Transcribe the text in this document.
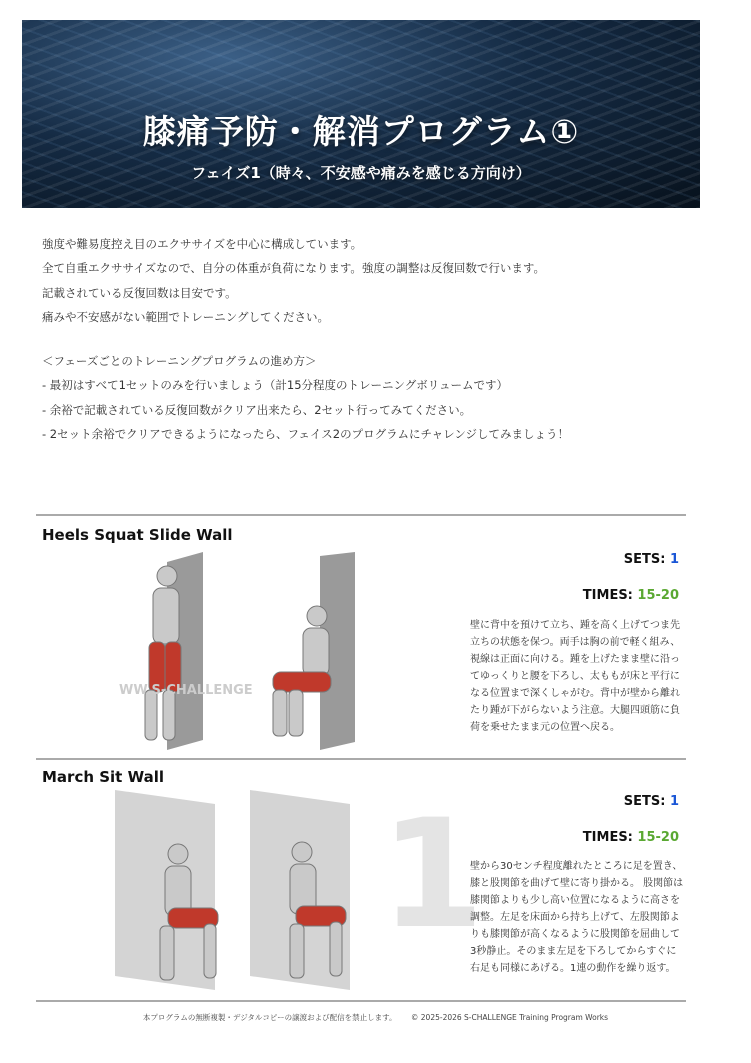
膝痛予防・解消プログラム①
フェイズ1（時々、不安感や痛みを感じる方向け）

強度や難易度控え目のエクササイズを中心に構成しています。

全て自重エクササイズなので、自分の体重が負荷になります。強度の調整は反復回数で行います。

記載されている反復回数は目安です。

痛みや不安感がない範囲でトレーニングしてください。

＜フェーズごとのトレーニングプログラムの進め方＞

- 最初はすべて1セットのみを行いましょう（計15分程度のトレーニングボリュームです）

- 余裕で記載されている反復回数がクリア出来たら、2セット行ってみてください。

- 2セット余裕でクリアできるようになったら、フェイス2のプログラムにチャレンジしてみましょう！

Heels Squat Slide Wall
SETS: 1
TIMES: 15-20
WW.S-CHALLENGE
壁に背中を預けて立ち、踵を高く上げてつま先立ちの状態を保つ。両手は胸の前で軽く組み、視線は正面に向ける。踵を上げたまま壁に沿ってゆっくりと腰を下ろし、太ももが床と平行になる位置まで深くしゃがむ。背中が壁から離れたり踵が下がらないよう注意。大腿四頭筋に負荷を乗せたまま元の位置へ戻る。
1
March Sit Wall
SETS: 1
TIMES: 15-20
壁から30センチ程度離れたところに足を置き、膝と股関節を曲げて壁に寄り掛かる。 股関節は膝関節よりも少し高い位置になるように高さを調整。左足を床面から持ち上げて、左股関節よりも膝関節が高くなるように股関節を屈曲して3秒静止。そのまま左足を下ろしてからすぐに右足も同様にあげる。1連の動作を繰り返す。
本プログラムの無断複製・デジタルコピーの譲渡および配信を禁止します。 © 2025-2026 S-CHALLENGE Training Program Works
